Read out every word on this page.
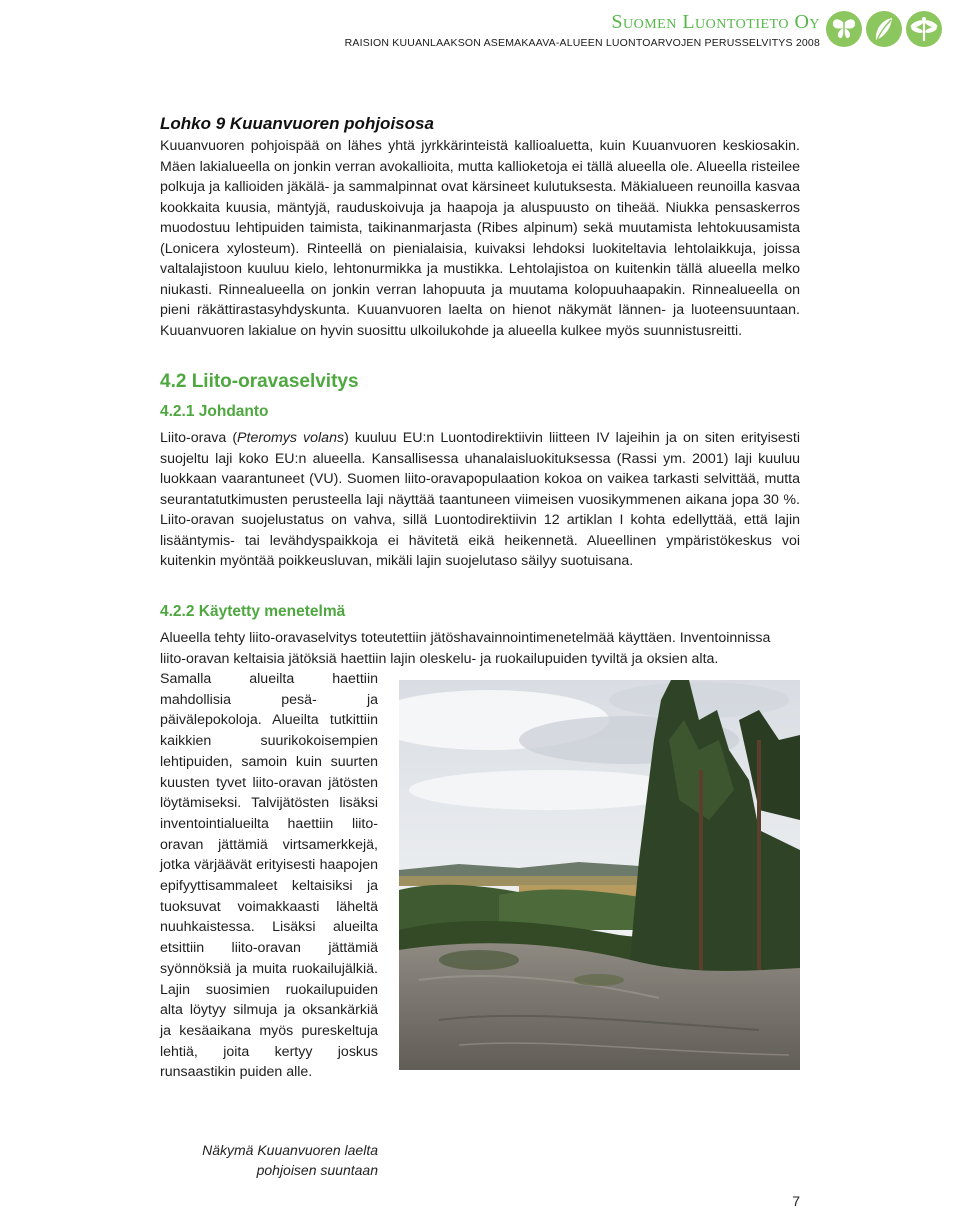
Suomen Luontotieto Oy
RAISION KUUANLAAKSON ASEMAKAAVA-ALUEEN LUONTOARVOJEN PERUSSELVITYS 2008
Lohko 9 Kuuanvuoren pohjoisosa

Kuuanvuoren pohjoispää on lähes yhtä jyrkkärinteistä kallioaluetta, kuin Kuuanvuoren keskiosakin. Mäen lakialueella on jonkin verran avokallioita, mutta kallioketoja ei tällä alueella ole. Alueella risteilee polkuja ja kallioiden jäkälä- ja sammalpinnat ovat kärsineet kulutuksesta. Mäkialueen reunoilla kasvaa kookkaita kuusia, mäntyjä, rauduskoivuja ja haapoja ja aluspuusto on tiheää. Niukka pensaskerros muodostuu lehtipuiden taimista, taikinanmarjasta (Ribes alpinum) sekä muutamista lehtokuusamista (Lonicera xylosteum). Rinteellä on pienialaisia, kuivaksi lehdoksi luokiteltavia lehtolaikkuja, joissa valtalajistoon kuuluu kielo, lehtonurmikka ja mustikka. Lehtolajistoa on kuitenkin tällä alueella melko niukasti. Rinnealueella on jonkin verran lahopuuta ja muutama kolopuuhaapakin. Rinnealueella on pieni räkättirastasyhdyskunta. Kuuanvuoren laelta on hienot näkymät lännen- ja luoteensuuntaan. Kuuanvuoren lakialue on hyvin suosittu ulkoilukohde ja alueella kulkee myös suunnistusreitti.

4.2 Liito-oravaselvitys
4.2.1 Johdanto

Liito-orava (Pteromys volans) kuuluu EU:n Luontodirektiivin liitteen IV lajeihin ja on siten erityisesti suojeltu laji koko EU:n alueella. Kansallisessa uhanalaisluokituksessa (Rassi ym. 2001) laji kuuluu luokkaan vaarantuneet (VU). Suomen liito-oravapopulaation kokoa on vaikea tarkasti selvittää, mutta seurantatutkimusten perusteella laji näyttää taantuneen viimeisen vuosikymmenen aikana jopa 30 %. Liito-oravan suojelustatus on vahva, sillä Luontodirektiivin 12 artiklan I kohta edellyttää, että lajin lisääntymis- tai levähdyspaikkoja ei hävitetä eikä heikennetä. Alueellinen ympäristökeskus voi kuitenkin myöntää poikkeusluvan, mikäli lajin suojelutaso säilyy suotuisana.

4.2.2 Käytetty menetelmä

Alueella tehty liito-oravaselvitys toteutettiin jätöshavainnointimenetelmää käyttäen. Inventoinnissa liito-oravan keltaisia jätöksiä haettiin lajin oleskelu- ja ruokailupuiden tyviltä ja oksien alta.

Samalla alueilta haettiin mahdollisia pesä- ja päivälepokoloja. Alueilta tutkittiin kaikkien suurikokoisempien lehtipuiden, samoin kuin suurten kuusten tyvet liito-oravan jätösten löytämiseksi. Talvijätösten lisäksi inventointialueilta haettiin liito-oravan jättämiä virtsamerkkejä, jotka värjäävät erityisesti haapojen epifyyttisammaleet keltaisiksi ja tuoksuvat voimakkaasti läheltä nuuhkaistessa. Lisäksi alueilta etsittiin liito-oravan jättämiä syönnöksiä ja muita ruokailujälkiä. Lajin suosimien ruokailupuiden alta löytyy silmuja ja oksankärkiä ja kesäaikana myös pureskeltuja lehtiä, joita kertyy joskus runsaastikin puiden alle.

Näkymä Kuuanvuoren laelta pohjoisen suuntaan
7
